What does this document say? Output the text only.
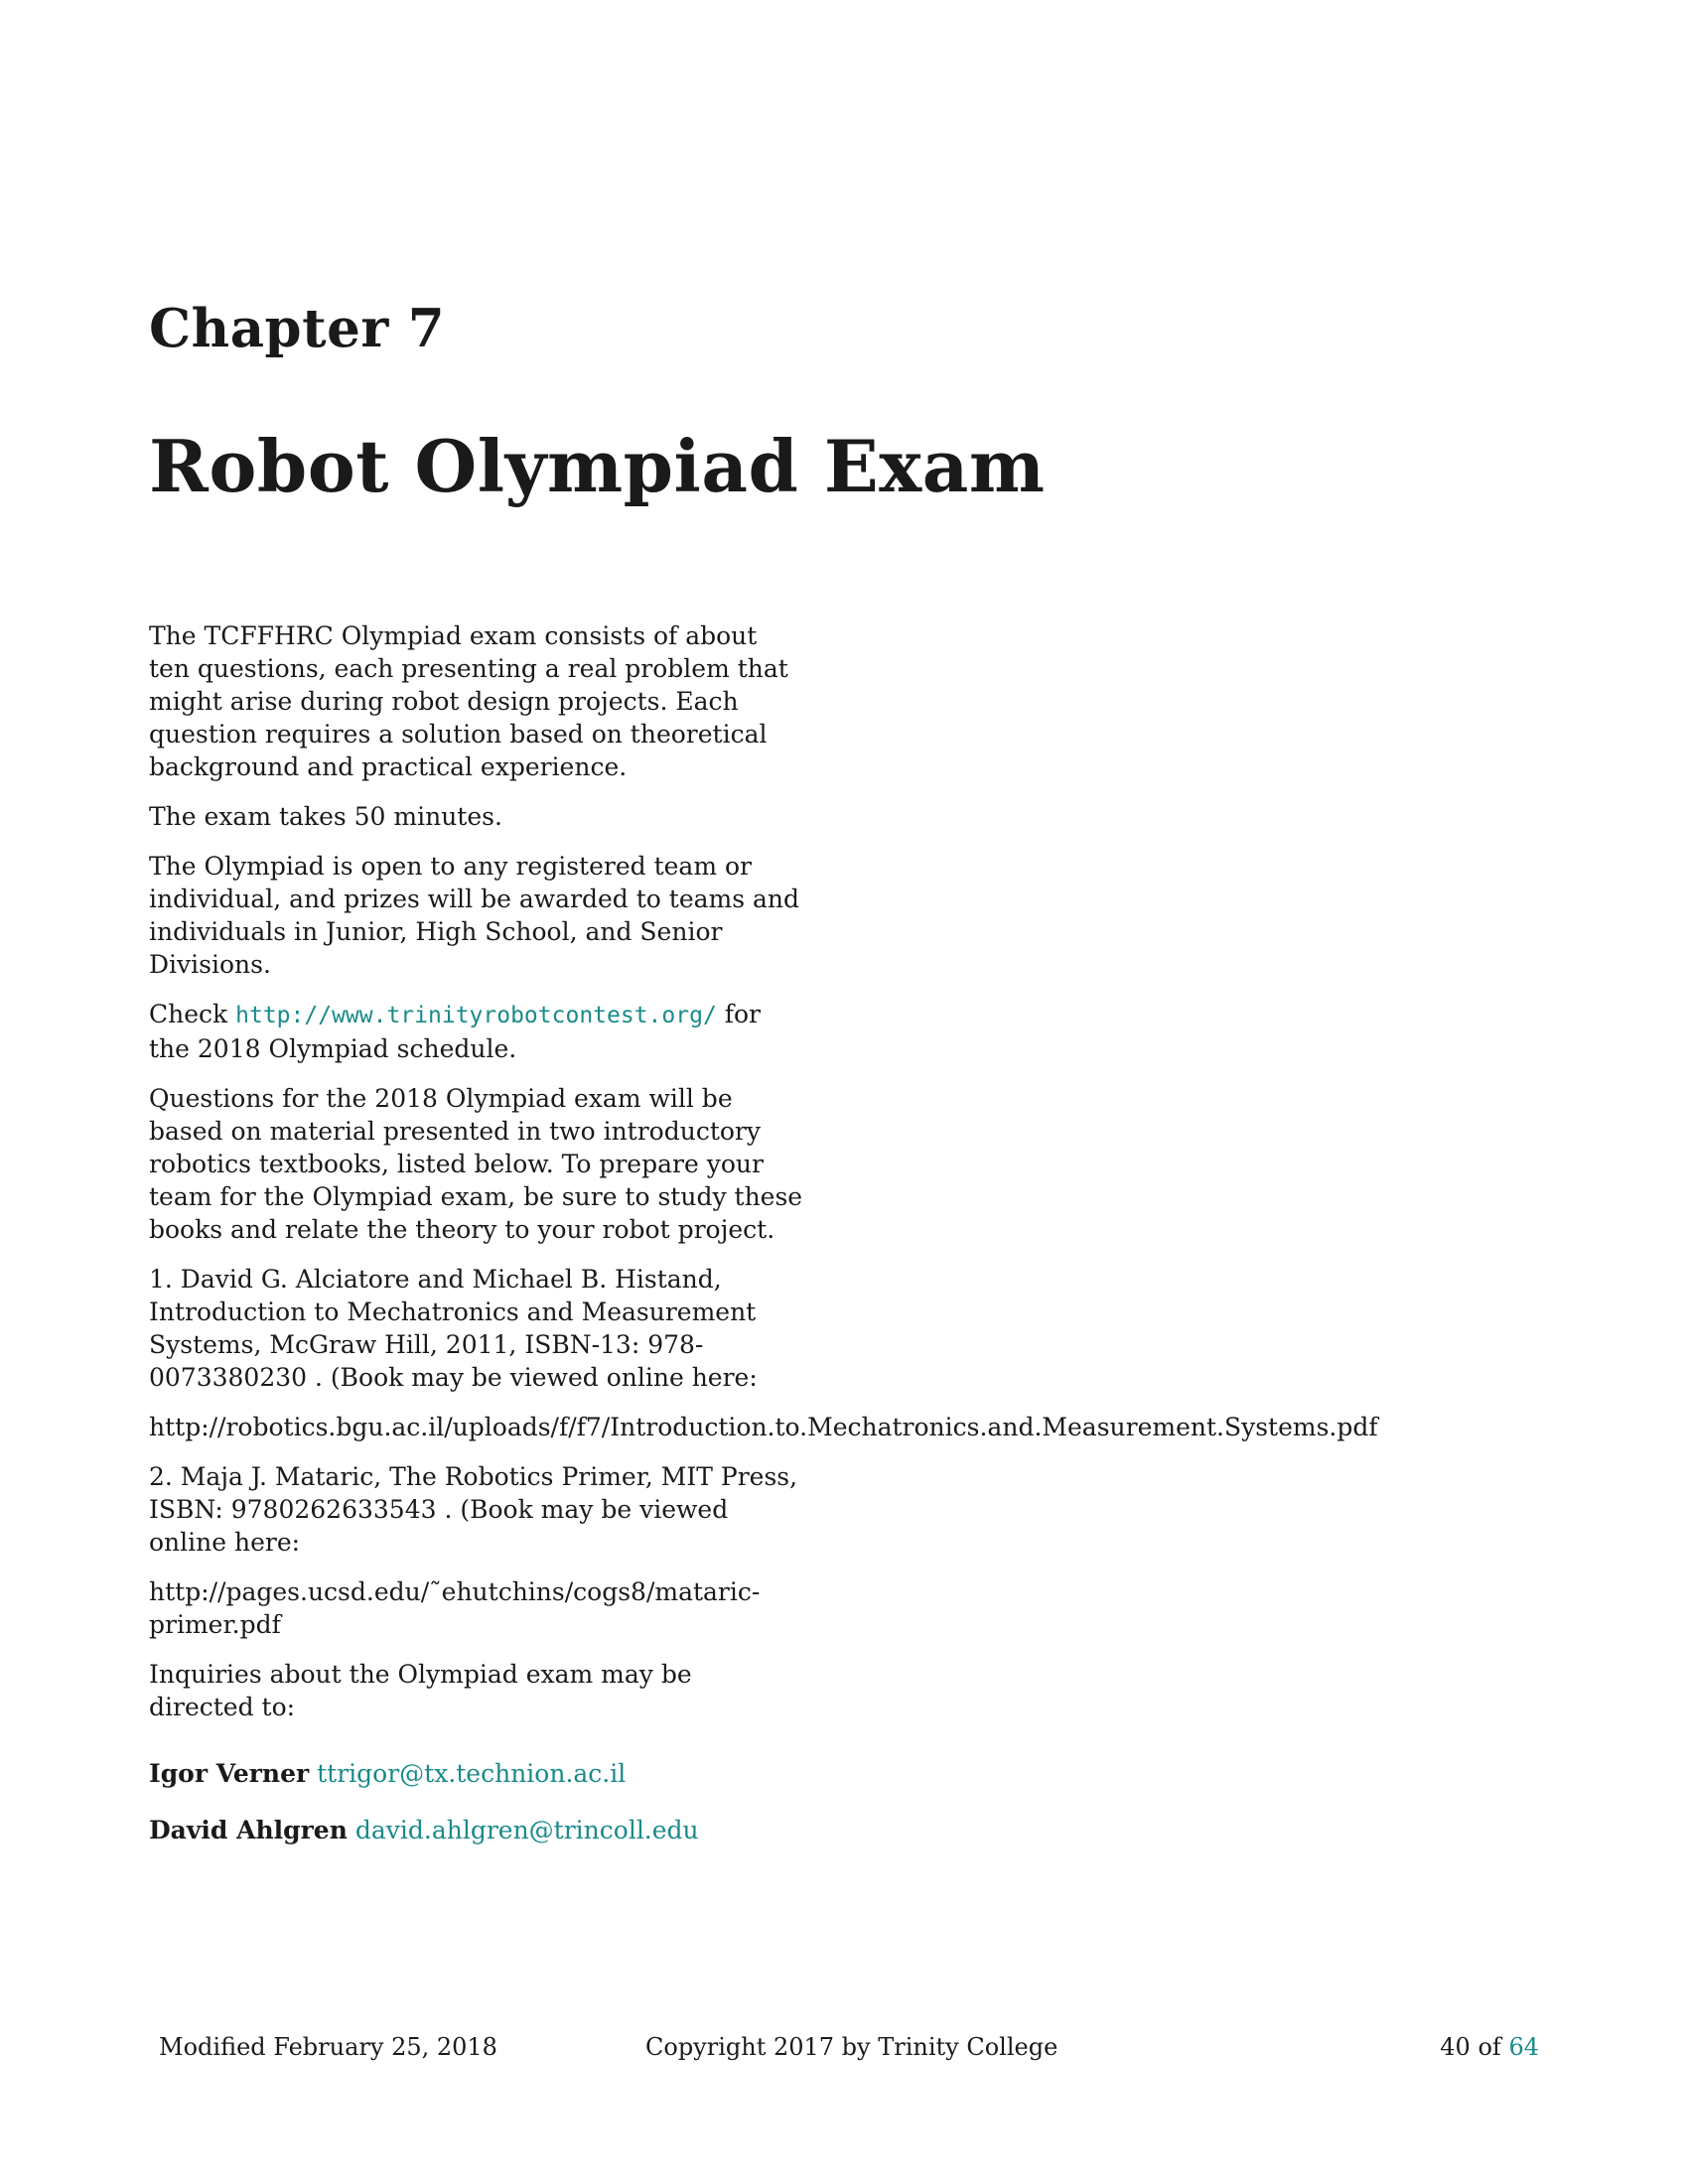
Chapter 7
Robot Olympiad Exam

The TCFFHRC Olympiad exam consists of about ten questions, each presenting a real problem that might arise during robot design projects. Each question requires a solution based on theoretical background and practical experience.

The exam takes 50 minutes.

The Olympiad is open to any registered team or individual, and prizes will be awarded to teams and individuals in Junior, High School, and Senior Divisions.

Check http://www.trinityrobotcontest.org/ for the 2018 Olympiad schedule.

Questions for the 2018 Olympiad exam will be based on material presented in two introductory robotics textbooks, listed below. To prepare your team for the Olympiad exam, be sure to study these books and relate the theory to your robot project.

1. David G. Alciatore and Michael B. Histand, Introduction to Mechatronics and Measurement Systems, McGraw Hill, 2011, ISBN-13: 978-0073380230 . (Book may be viewed online here:

http://robotics.bgu.ac.il/uploads/f/f7/Introduction.to.Mechatronics.and.Measurement.Systems.pdf

2. Maja J. Mataric, The Robotics Primer, MIT Press, ISBN: 9780262633543 . (Book may be viewed online here:

http://pages.ucsd.edu/˜ehutchins/cogs8/mataric-primer.pdf

Inquiries about the Olympiad exam may be directed to:

Igor Verner ttrigor@tx.technion.ac.il
David Ahlgren david.ahlgren@trincoll.edu
Modified February 25, 2018	Copyright 2017 by Trinity College	40 of 64
